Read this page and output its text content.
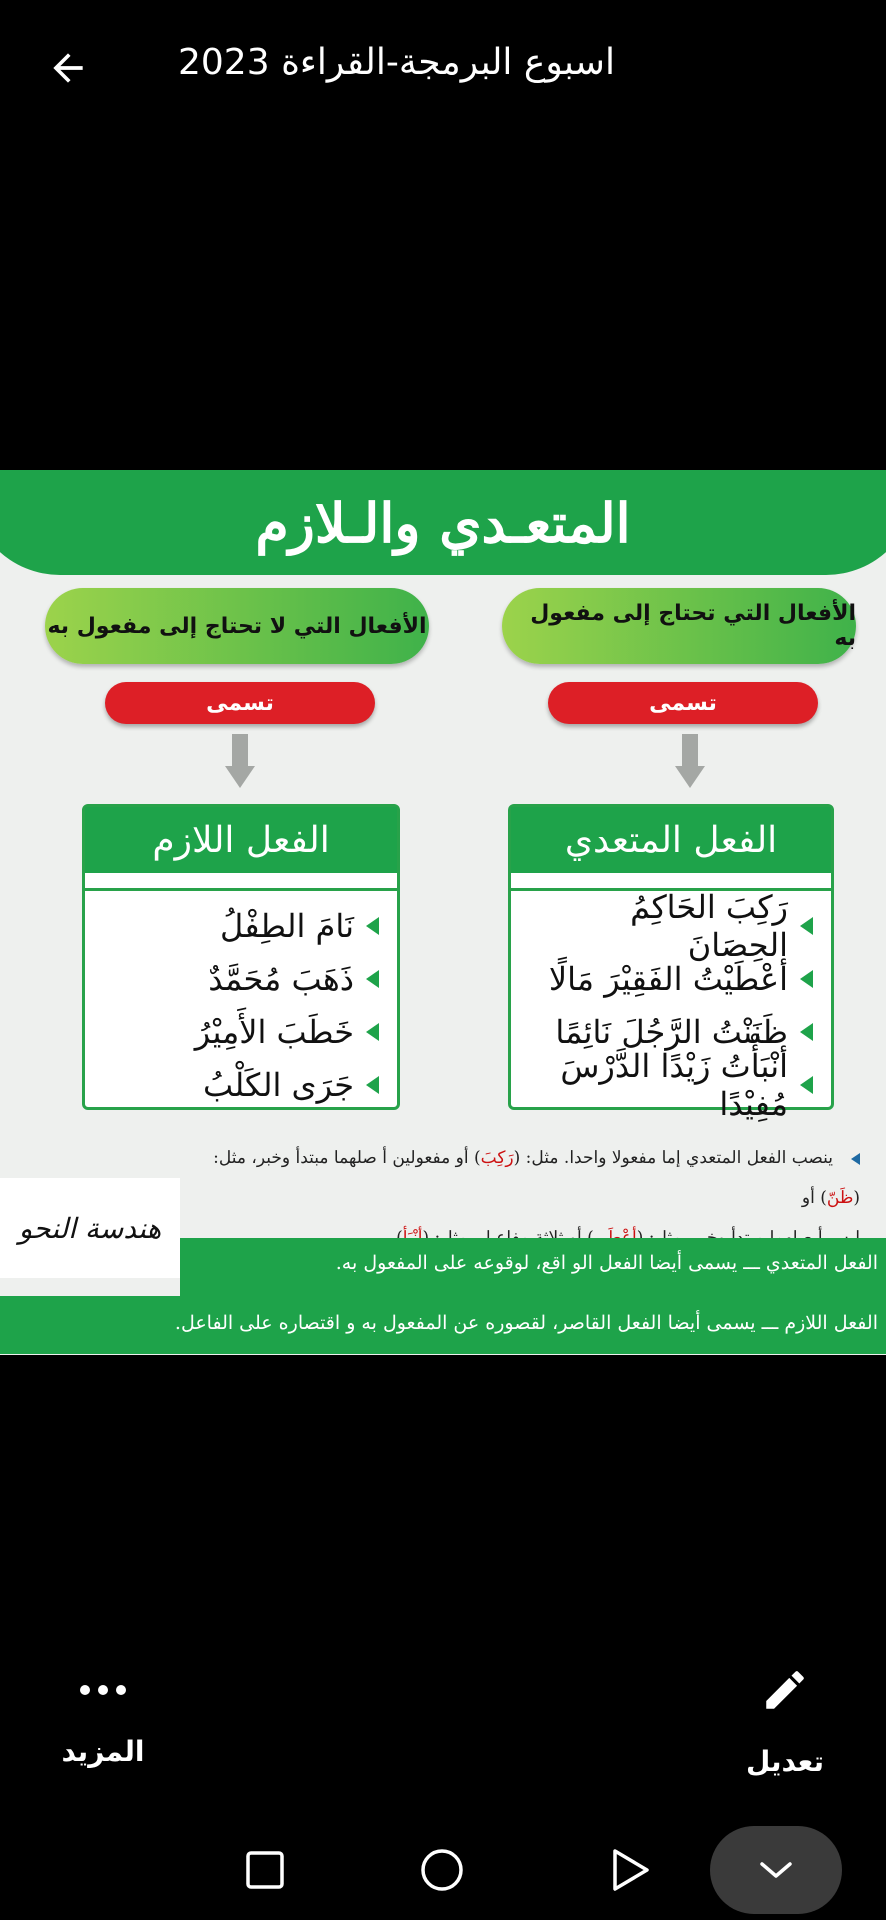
اسبوع البرمجة-القراءة 2023
المتعـدي والـلازم
الأفعال التي تحتاج إلى مفعول به
تسمى
الأفعال التي لا تحتاج إلى مفعول به
تسمى
الفعل المتعدي
رَكِبَ الحَاكِمُ الحِصَانَ
أعْطَيْتُ الفَقِيْرَ مَالًا
ظَنَنْتُ الرَّجُلَ نَائِمًا
أنْبَأْتُ زَيْدًا الدَّرْسَ مُفِيْدًا
الفعل اللازم
نَامَ الطِفْلُ
ذَهَبَ مُحَمَّدٌ
خَطَبَ الأَمِيْرُ
جَرَى الكَلْبُ
ينصب الفعل المتعدي إما مفعولا واحدا. مثل: (رَكِبَ) أو مفعولين أ صلهما مبتدأ وخبر، مثل:(ظَنّ) أو
هندسة النحو
الفعل المتعدي ـــ يسمى أيضا الفعل الو اقع، لوقوعه على المفعول به.
الفعل اللازم ـــ يسمى أيضا الفعل القاصر، لقصوره عن المفعول به و اقتصاره على الفاعل.
المزيد	تعديل
